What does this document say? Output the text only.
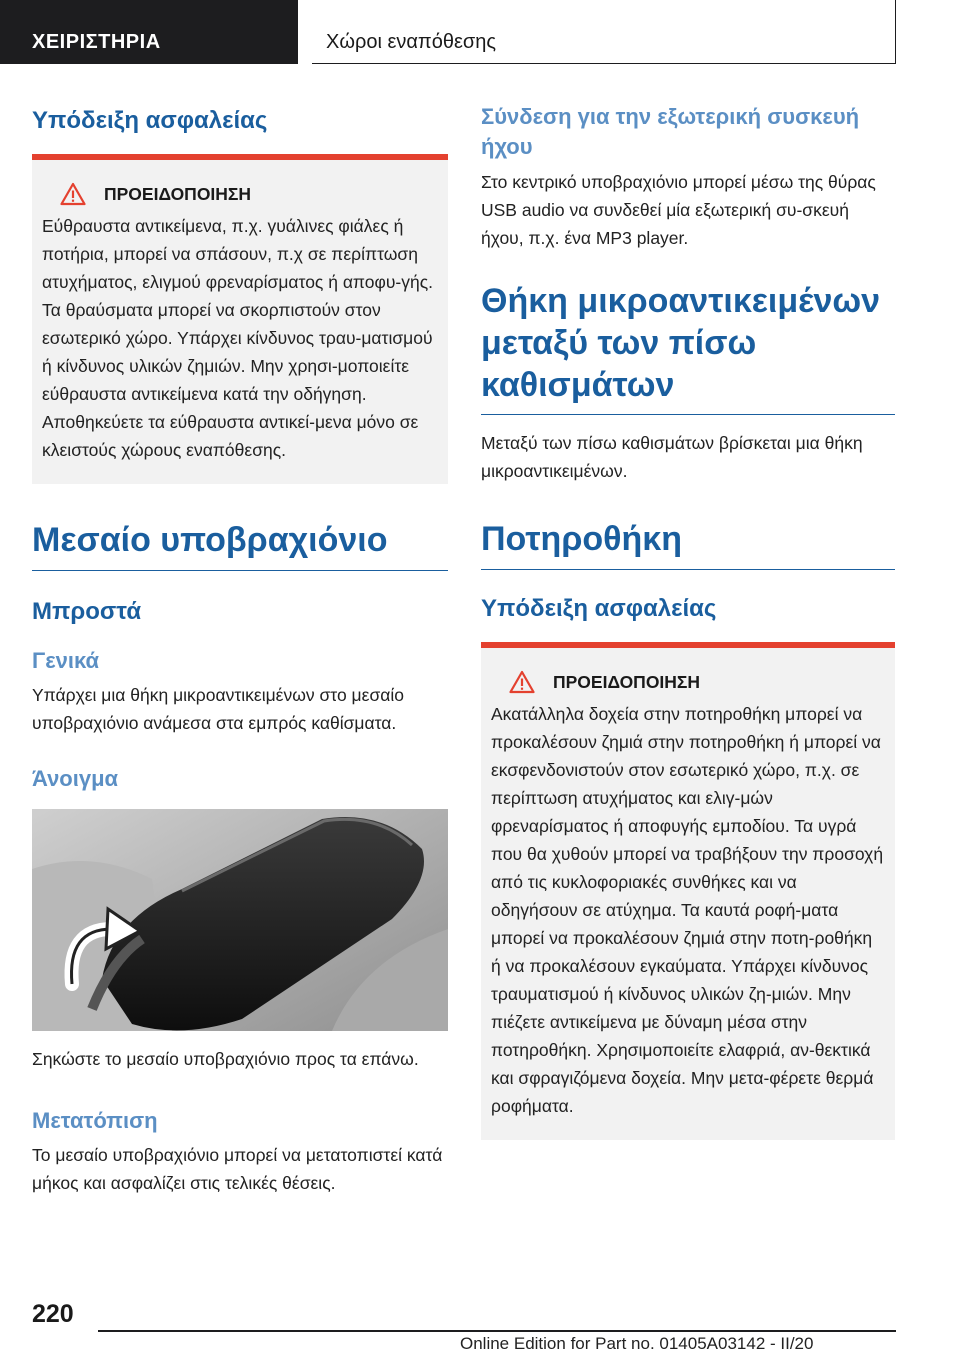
ΧΕΙΡΙΣΤΗΡΙΑ	Χώροι εναπόθεσης
Υπόδειξη ασφαλείας
ΠΡΟΕΙΔΟΠΟΙΗΣΗ
Εύθραυστα αντικείμενα, π.χ. γυάλινες φιάλες ή ποτήρια, μπορεί να σπάσουν, π.χ σε περίπτωση ατυχήματος, ελιγμού φρεναρίσματος ή αποφυ-γής. Τα θραύσματα μπορεί να σκορπιστούν στον εσωτερικό χώρο. Υπάρχει κίνδυνος τραυ-ματισμού ή κίνδυνος υλικών ζημιών. Μην χρησι-μοποιείτε εύθραυστα αντικείμενα κατά την οδήγηση. Αποθηκεύετε τα εύθραυστα αντικεί-μενα μόνο σε κλειστούς χώρους εναπόθεσης.
Μεσαίο υποβραχιόνιο
Μπροστά
Γενικά
Υπάρχει μια θήκη μικροαντικειμένων στο μεσαίο υποβραχιόνιο ανάμεσα στα εμπρός καθίσματα.
Άνοιγμα
Σηκώστε το μεσαίο υποβραχιόνιο προς τα επάνω.
Μετατόπιση
Το μεσαίο υποβραχιόνιο μπορεί να μετατοπιστεί κατά μήκος και ασφαλίζει στις τελικές θέσεις.
Σύνδεση για την εξωτερική συσκευή ήχου
Στο κεντρικό υποβραχιόνιο μπορεί μέσω της θύρας USB audio να συνδεθεί μία εξωτερική συ-σκευή ήχου, π.χ. ένα MP3 player.
Θήκη μικροαντικειμένων μεταξύ των πίσω καθισμάτων
Μεταξύ των πίσω καθισμάτων βρίσκεται μια θήκη μικροαντικειμένων.
Ποτηροθήκη
Υπόδειξη ασφαλείας
ΠΡΟΕΙΔΟΠΟΙΗΣΗ
Ακατάλληλα δοχεία στην ποτηροθήκη μπορεί να προκαλέσουν ζημιά στην ποτηροθήκη ή μπορεί να εκσφενδονιστούν στον εσωτερικό χώρο, π.χ. σε περίπτωση ατυχήματος και ελιγ-μών φρεναρίσματος ή αποφυγής εμποδίου. Τα υγρά που θα χυθούν μπορεί να τραβήξουν την προσοχή από τις κυκλοφοριακές συνθήκες και να οδηγήσουν σε ατύχημα. Τα καυτά ροφή-ματα μπορεί να προκαλέσουν ζημιά στην ποτη-ροθήκη ή να προκαλέσουν εγκαύματα. Υπάρχει κίνδυνος τραυματισμού ή κίνδυνος υλικών ζη-μιών. Μην πιέζετε αντικείμενα με δύναμη μέσα στην ποτηροθήκη. Χρησιμοποιείτε ελαφριά, αν-θεκτικά και σφραγιζόμενα δοχεία. Μην μετα-φέρετε θερμά ροφήματα.
220
Online Edition for Part no. 01405A03142 - II/20
